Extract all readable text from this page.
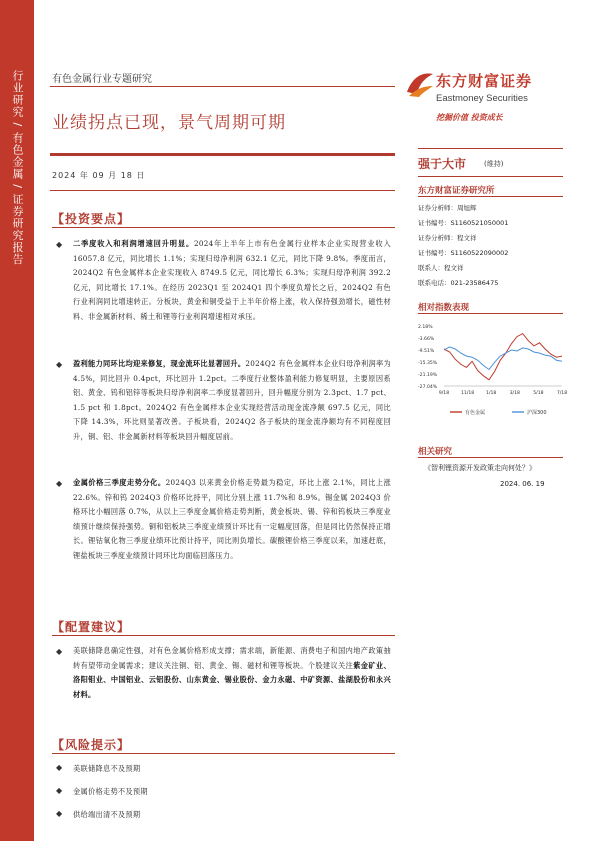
行业研究 / 有色金属 / 证券研究报告	有色金属行业专题研究
业绩拐点已现，景气周期可期
2024 年 09 月 18 日
【投资要点】
◆ 二季度收入和利润增速回升明显。2024年上半年上市有色金属行业样本企业实现营业收入 16057.8 亿元，同比增长 1.1%；实现归母净利润 632.1 亿元，同比下降 9.8%。季度而言，2024Q2 有色金属样本企业实现收入 8749.5 亿元，同比增长 6.3%；实现归母净利润 392.2 亿元，同比增长 17.1%。在经历 2023Q1 至 2024Q1 四个季度负增长之后，2024Q2 有色行业利润同比增速转正。分板块，黄金和铜受益于上半年价格上涨，收入保持强劲增长，磁性材料、非金属新材料、稀土和锂等行业利润增速相对承压。
◆ 盈利能力同环比均迎来修复，现金流环比显著回升。2024Q2 有色金属样本企业归母净利润率为 4.5%，同比回升 0.4pct，环比回升 1.2pct。二季度行业整体盈利能力修复明显，主要原因系铝、黄金、钨和铝锌等板块归母净利润率二季度显著回升，回升幅度分别为 2.3pct、1.7 pct、1.5 pct 和 1.8pct。2024Q2 有色金属样本企业实现经营活动现金流净额 697.5 亿元，同比下降 14.3%，环比则显著改善。子板块看，2024Q2 各子板块的现金流净额均有不同程度回升，铜、铝、非金属新材料等板块回升幅度居前。
◆ 金属价格三季度走势分化。2024Q3 以来黄金价格走势最为稳定，环比上涨 2.1%，同比上涨 22.6%。锌和钨 2024Q3 价格环比持平，同比分别上涨 11.7%和 8.9%。锡金属 2024Q3 价格环比小幅回落 0.7%，从以上三季度金属价格走势判断，黄金板块、锡、锌和钨板块三季度业绩预计继续保持强势。铜和铝板块三季度业绩预计环比有一定幅度回落，但是同比仍然保持正增长。锂钴氧化物三季度业绩环比预计持平，同比则负增长。碳酸锂价格三季度以来，加速赶底，锂盐板块三季度业绩预计同环比均面临回落压力。
【配置建议】
◆ 美联储降息确定性强，对有色金属价格形成支撑；需求端，新能源、消费电子和国内地产政策抽转有望带动金属需求；建议关注铜、铝、黄金、锡、磁材和锂等板块。个股建议关注紫金矿业、洛阳钼业、中国铝业、云铝股份、山东黄金、锡业股份、金力永磁、中矿资源、盐湖股份和永兴材料。
【风险提示】
◆ 美联储降息不及预期
◆ 金属价格走势不及预期
◆ 供给端出清不及预期
东方财富证券
Eastmoney Securities
挖掘价值 投资成长
强于大市	(维持)
东方财富证券研究所
证券分析师：周旭辉
证书编号：S1160521050001
证券分析师：程文祥
证书编号：S1160522090002
联系人：程文祥
联系电话：021-23586475
相对指数表现
2.18%
-3.66%
-9.51%
-15.35%
-21.19%
-27.04%
9/18	11/18	1/18	3/18	5/18	7/18
有色金属	沪深300
相关研究
《智利锂资源开发政策走向何处？》
2024. 06. 19
